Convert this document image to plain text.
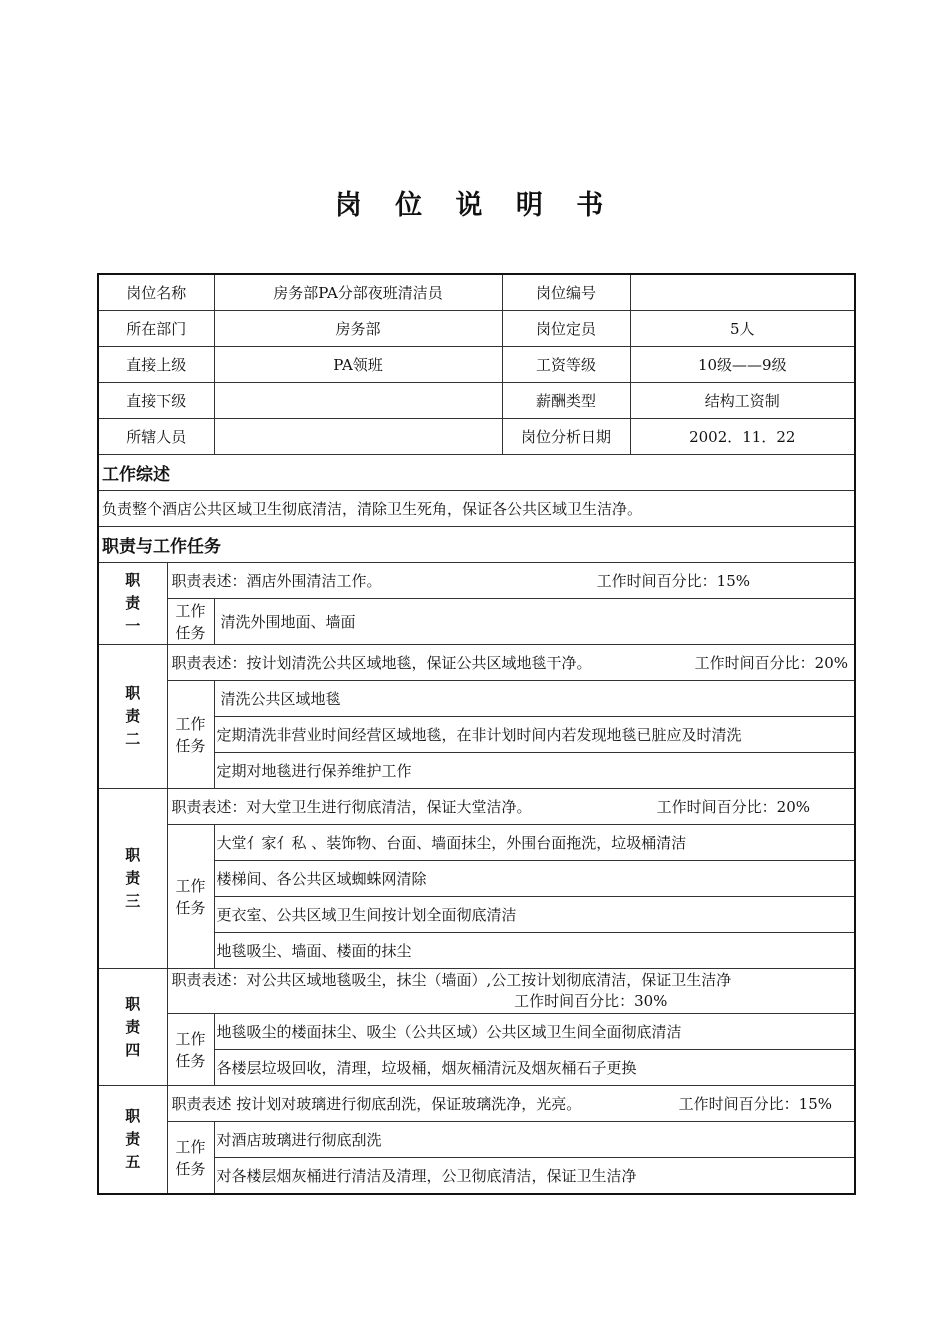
岗 位 说 明 书
岗位名称		房务部PA分部夜班清洁员	岗位编号	
所在部门		房务部	岗位定员	5人
直接上级		PA领班	工资等级	10级——9级
直接下级			薪酬类型	结构工资制
所辖人员			岗位分析日期	2002．11．22
工作综述				
负责整个酒店公共区域卫生彻底清洁，清除卫生死角，保证各公共区域卫生洁净。				
职责与工作任务				
职责一	职责表述：酒店外围清洁工作。 工作时间百分比：15%			

	工作任务	清洗外围地面、墙面		
职责二	职责表述：按计划清洗公共区域地毯，保证公共区域地毯干净。 工作时间百分比：20%			

	工作任务	清洗公共区域地毯		
		定期清洗非营业时间经营区域地毯，在非计划时间内若发现地毯已脏应及时清洗		
		定期对地毯进行保养维护工作		
职责三	职责表述：对大堂卫生进行彻底清洁，保证大堂洁净。 工作时间百分比：20%			

	工作任务	大堂亻家亻私 、装饰物、台面、墙面抹尘，外围台面拖洗，垃圾桶清洁		
		楼梯间、各公共区域蜘蛛网清除		
		更衣室、公共区域卫生间按计划全面彻底清洁		
		地毯吸尘、墙面、楼面的抹尘		
职责四	职责表述：对公共区域地毯吸尘，抹尘（墙面）,公工按计划彻底清洁，保证卫生洁净
工作时间百分比：30%			

	工作任务	地毯吸尘的楼面抹尘、吸尘（公共区域）公共区域卫生间全面彻底清洁		
		各楼层垃圾回收，清理，垃圾桶，烟灰桶清沅及烟灰桶石子更换		
职责五	职责表述 按计划对玻璃进行彻底刮洗，保证玻璃洗净，光亮。 工作时间百分比：15%			

	工作任务	对酒店玻璃进行彻底刮洗		
		对各楼层烟灰桶进行清洁及清理，公卫彻底清洁，保证卫生洁净		
